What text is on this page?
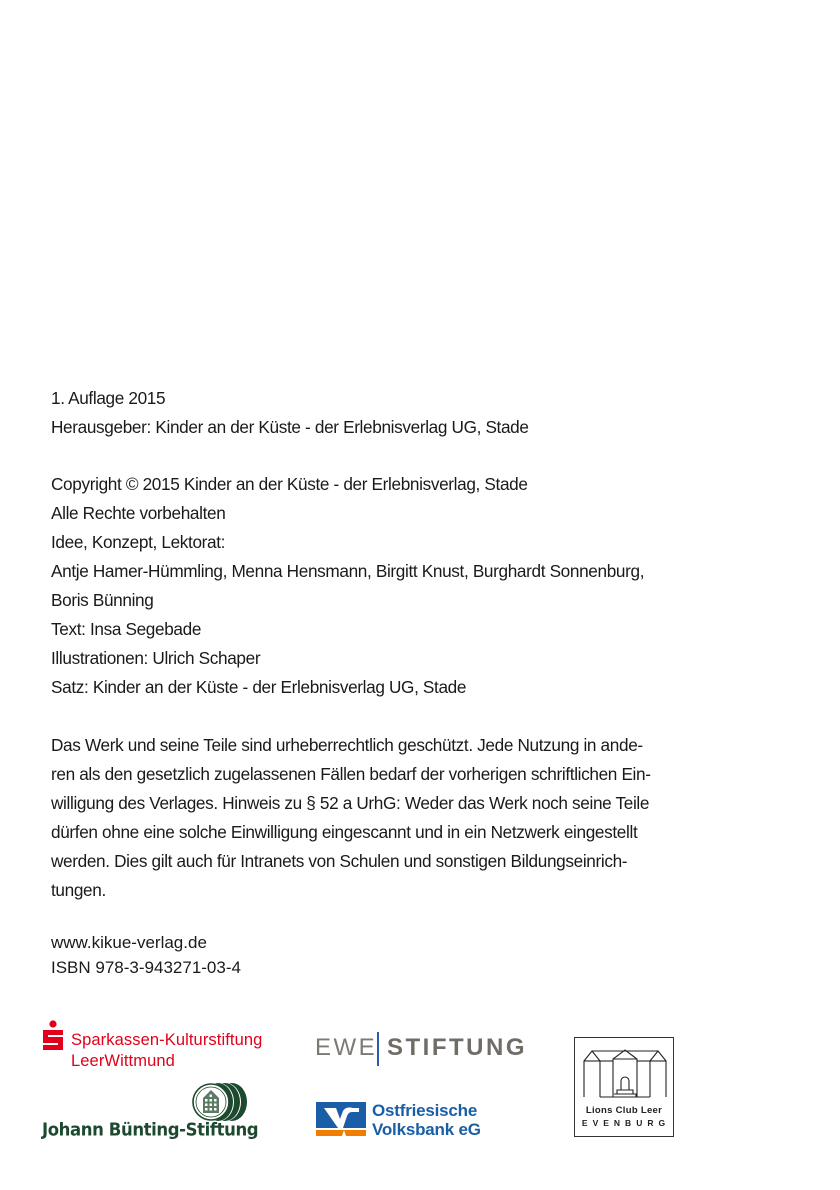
1. Auflage 2015
Herausgeber: Kinder an der Küste - der Erlebnisverlag UG, Stade
Copyright © 2015 Kinder an der Küste - der Erlebnisverlag, Stade
Alle Rechte vorbehalten
Idee, Konzept, Lektorat:
Antje Hamer-Hümmling, Menna Hensmann, Birgitt Knust, Burghardt Sonnenburg,
Boris Bünning
Text: Insa Segebade
Illustrationen: Ulrich Schaper
Satz: Kinder an der Küste - der Erlebnisverlag UG, Stade
Das Werk und seine Teile sind urheberrechtlich geschützt. Jede Nutzung in ande-
ren als den gesetzlich zugelassenen Fällen bedarf der vorherigen schriftlichen Ein-
willigung des Verlages. Hinweis zu § 52 a UrhG: Weder das Werk noch seine Teile
dürfen ohne eine solche Einwilligung eingescannt und in ein Netzwerk eingestellt
werden. Dies gilt auch für Intranets von Schulen und sonstigen Bildungseinrich-
tungen.
www.kikue-verlag.de
ISBN 978-3-943271-03-4
Sparkassen-Kulturstiftung
LeerWittmund
Johann Bünting-Stiftung
EWE STIFTUNG
Ostfriesische
Volksbank eG
Lions Club Leer
EVENBURG
